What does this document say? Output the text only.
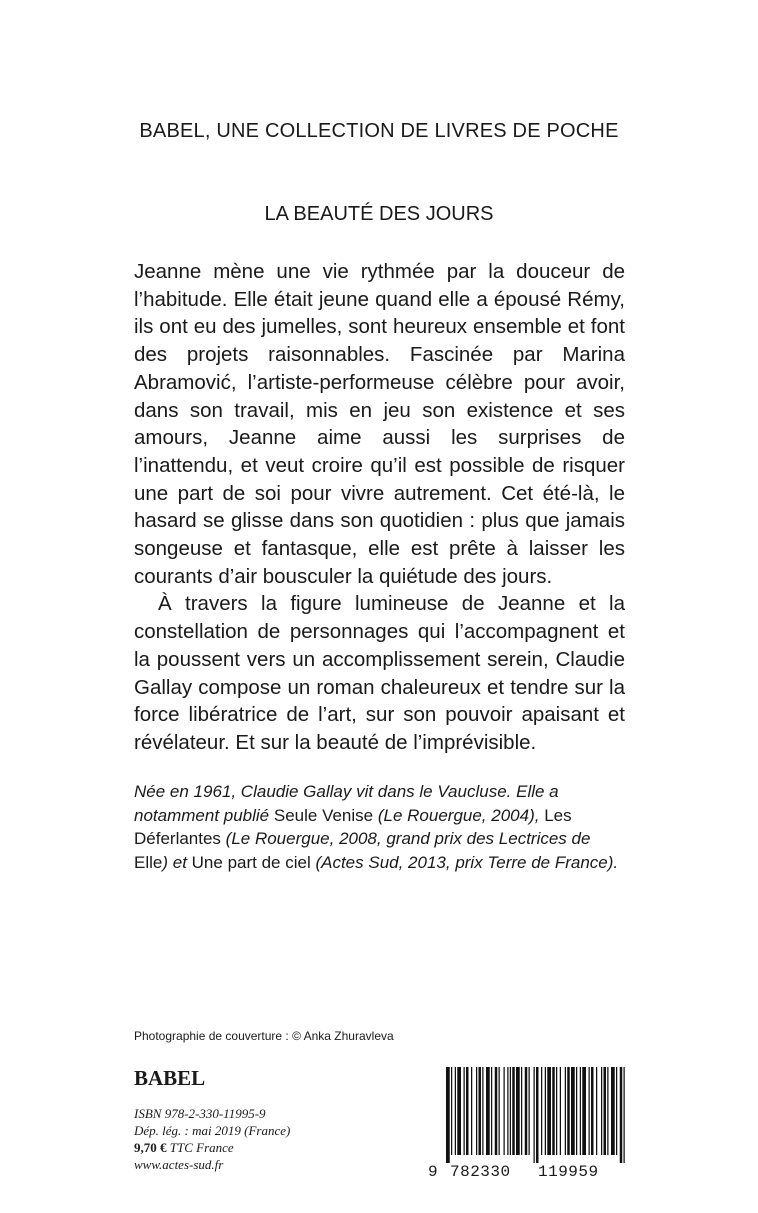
BABEL, UNE COLLECTION DE LIVRES DE POCHE
LA BEAUTÉ DES JOURS

Jeanne mène une vie rythmée par la douceur de l’habitude. Elle était jeune quand elle a épousé Rémy, ils ont eu des jumelles, sont heureux ensemble et font des projets raisonnables. Fascinée par Marina Abramović, l’artiste-performeuse célèbre pour avoir, dans son travail, mis en jeu son existence et ses amours, Jeanne aime aussi les surprises de l’inattendu, et veut croire qu’il est possible de risquer une part de soi pour vivre autrement. Cet été-là, le hasard se glisse dans son quotidien : plus que jamais songeuse et fantasque, elle est prête à laisser les courants d’air bousculer la quiétude des jours.

À travers la figure lumineuse de Jeanne et la constellation de personnages qui l’accompagnent et la poussent vers un accomplissement serein, Claudie Gallay compose un roman chaleureux et tendre sur la force libératrice de l’art, sur son pouvoir apaisant et révélateur. Et sur la beauté de l’imprévisible.

Née en 1961, Claudie Gallay vit dans le Vaucluse. Elle a notamment publié Seule Venise (Le Rouergue, 2004), Les Déferlantes (Le Rouergue, 2008, grand prix des Lectrices de Elle) et Une part de ciel (Actes Sud, 2013, prix Terre de France).
Photographie de couverture : © Anka Zhuravleva
BABEL
ISBN 978-2-330-11995-9
Dép. lég. : mai 2019 (France)
9,70 € TTC France
www.actes-sud.fr	9 782330 119959
